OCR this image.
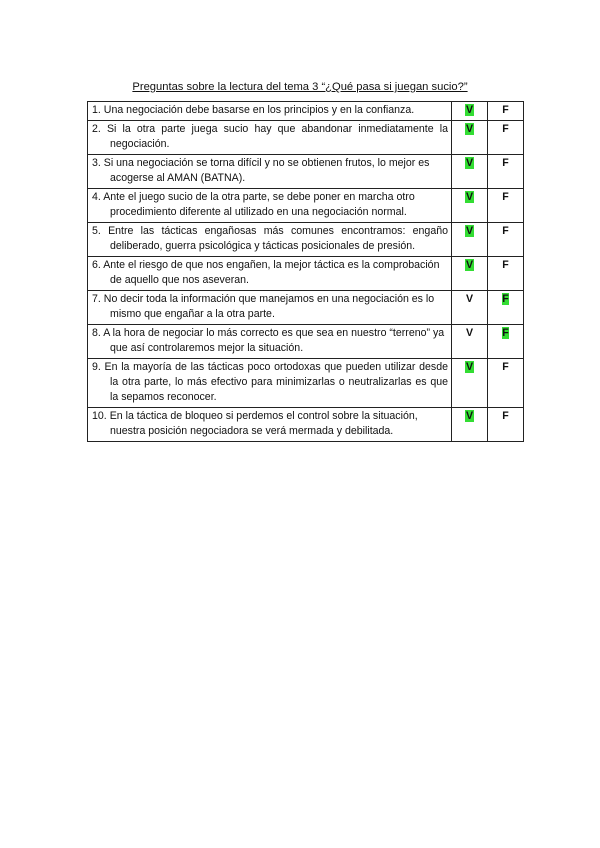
Preguntas sobre la lectura del tema 3 “¿Qué pasa si juegan sucio?”
1. Una negociación debe basarse en los principios y en la confianza.	V	F

2. Si la otra parte juega sucio hay que abandonar inmediatamente la negociación.	V	F

3. Si una negociación se torna difícil y no se obtienen frutos, lo mejor es acogerse al AMAN (BATNA).	V	F

4. Ante el juego sucio de la otra parte, se debe poner en marcha otro procedimiento diferente al utilizado en una negociación normal.	V	F

5. Entre las tácticas engañosas más comunes encontramos: engaño deliberado, guerra psicológica y tácticas posicionales de presión.	V	F

6. Ante el riesgo de que nos engañen, la mejor táctica es la comprobación de aquello que nos aseveran.	V	F

7. No decir toda la información que manejamos en una negociación es lo mismo que engañar a la otra parte.	V	F

8. A la hora de negociar lo más correcto es que sea en nuestro “terreno” ya que así controlaremos mejor la situación.	V	F

9. En la mayoría de las tácticas poco ortodoxas que pueden utilizar desde la otra parte, lo más efectivo para minimizarlas o neutralizarlas es que la sepamos reconocer.	V	F

10. En la táctica de bloqueo si perdemos el control sobre la situación, nuestra posición negociadora se verá mermada y debilitada.	V	F
